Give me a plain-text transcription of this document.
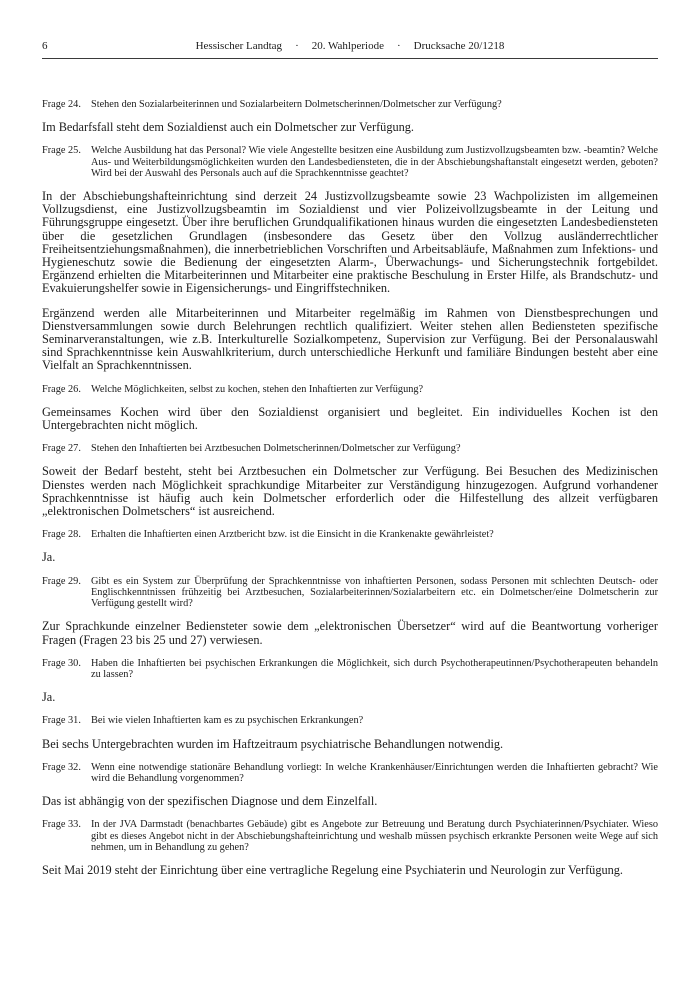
6	Hessischer Landtag · 20. Wahlperiode · Drucksache 20/1218
Frage 24. Stehen den Sozialarbeiterinnen und Sozialarbeitern Dolmetscherinnen/Dolmetscher zur Verfügung?

Im Bedarfsfall steht dem Sozialdienst auch ein Dolmetscher zur Verfügung.

Frage 25. Welche Ausbildung hat das Personal? Wie viele Angestellte besitzen eine Ausbildung zum Justizvollzugsbeamten bzw. -beamtin? Welche Aus- und Weiterbildungsmöglichkeiten wurden den Landesbediensteten, die in der Abschiebungshaftanstalt eingesetzt werden, geboten? Wird bei der Auswahl des Personals auch auf die Sprachkenntnisse geachtet?

In der Abschiebungshafteinrichtung sind derzeit 24 Justizvollzugsbeamte sowie 23 Wachpolizisten im allgemeinen Vollzugsdienst, eine Justizvollzugsbeamtin im Sozialdienst und vier Polizeivollzugsbeamte in der Leitung und Führungsgruppe eingesetzt. Über ihre beruflichen Grundqualifikationen hinaus wurden die eingesetzten Landesbediensteten über die gesetzlichen Grundlagen (insbesondere das Gesetz über den Vollzug ausländerrechtlicher Freiheitsentziehungsmaßnahmen), die innerbetrieblichen Vorschriften und Arbeitsabläufe, Maßnahmen zum Infektions- und Hygieneschutz sowie die Bedienung der eingesetzten Alarm-, Überwachungs- und Sicherungstechnik fortgebildet. Ergänzend erhielten die Mitarbeiterinnen und Mitarbeiter eine praktische Beschulung in Erster Hilfe, als Brandschutz- und Evakuierungshelfer sowie in Eigensicherungs- und Eingriffstechniken.

Ergänzend werden alle Mitarbeiterinnen und Mitarbeiter regelmäßig im Rahmen von Dienstbesprechungen und Dienstversammlungen sowie durch Belehrungen rechtlich qualifiziert. Weiter stehen allen Bediensteten spezifische Seminarveranstaltungen, wie z.B. Interkulturelle Sozialkompetenz, Supervision zur Verfügung. Bei der Personalauswahl sind Sprachkenntnisse kein Auswahlkriterium, durch unterschiedliche Herkunft und familiäre Bindungen besteht aber eine Vielfalt an Sprachkenntnissen.

Frage 26. Welche Möglichkeiten, selbst zu kochen, stehen den Inhaftierten zur Verfügung?

Gemeinsames Kochen wird über den Sozialdienst organisiert und begleitet. Ein individuelles Kochen ist den Untergebrachten nicht möglich.

Frage 27. Stehen den Inhaftierten bei Arztbesuchen Dolmetscherinnen/Dolmetscher zur Verfügung?

Soweit der Bedarf besteht, steht bei Arztbesuchen ein Dolmetscher zur Verfügung. Bei Besuchen des Medizinischen Dienstes werden nach Möglichkeit sprachkundige Mitarbeiter zur Verständigung hinzugezogen. Aufgrund vorhandener Sprachkenntnisse ist häufig auch kein Dolmetscher erforderlich oder die Hilfestellung des allzeit verfügbaren „elektronischen Dolmetschers“ ist ausreichend.

Frage 28. Erhalten die Inhaftierten einen Arztbericht bzw. ist die Einsicht in die Krankenakte gewährleistet?

Ja.

Frage 29. Gibt es ein System zur Überprüfung der Sprachkenntnisse von inhaftierten Personen, sodass Personen mit schlechten Deutsch- oder Englischkenntnissen frühzeitig bei Arztbesuchen, Sozialarbeiterinnen/Sozialarbeitern etc. ein Dolmetscher/eine Dolmetscherin zur Verfügung gestellt wird?

Zur Sprachkunde einzelner Bediensteter sowie dem „elektronischen Übersetzer“ wird auf die Beantwortung vorheriger Fragen (Fragen 23 bis 25 und 27) verwiesen.

Frage 30. Haben die Inhaftierten bei psychischen Erkrankungen die Möglichkeit, sich durch Psychotherapeutinnen/Psychotherapeuten behandeln zu lassen?

Ja.

Frage 31. Bei wie vielen Inhaftierten kam es zu psychischen Erkrankungen?

Bei sechs Untergebrachten wurden im Haftzeitraum psychiatrische Behandlungen notwendig.

Frage 32. Wenn eine notwendige stationäre Behandlung vorliegt: In welche Krankenhäuser/Einrichtungen werden die Inhaftierten gebracht? Wie wird die Behandlung vorgenommen?

Das ist abhängig von der spezifischen Diagnose und dem Einzelfall.

Frage 33. In der JVA Darmstadt (benachbartes Gebäude) gibt es Angebote zur Betreuung und Beratung durch Psychiaterinnen/Psychiater. Wieso gibt es dieses Angebot nicht in der Abschiebungshafteinrichtung und weshalb müssen psychisch erkrankte Personen weite Wege auf sich nehmen, um in Behandlung zu gehen?

Seit Mai 2019 steht der Einrichtung über eine vertragliche Regelung eine Psychiaterin und Neurologin zur Verfügung.
